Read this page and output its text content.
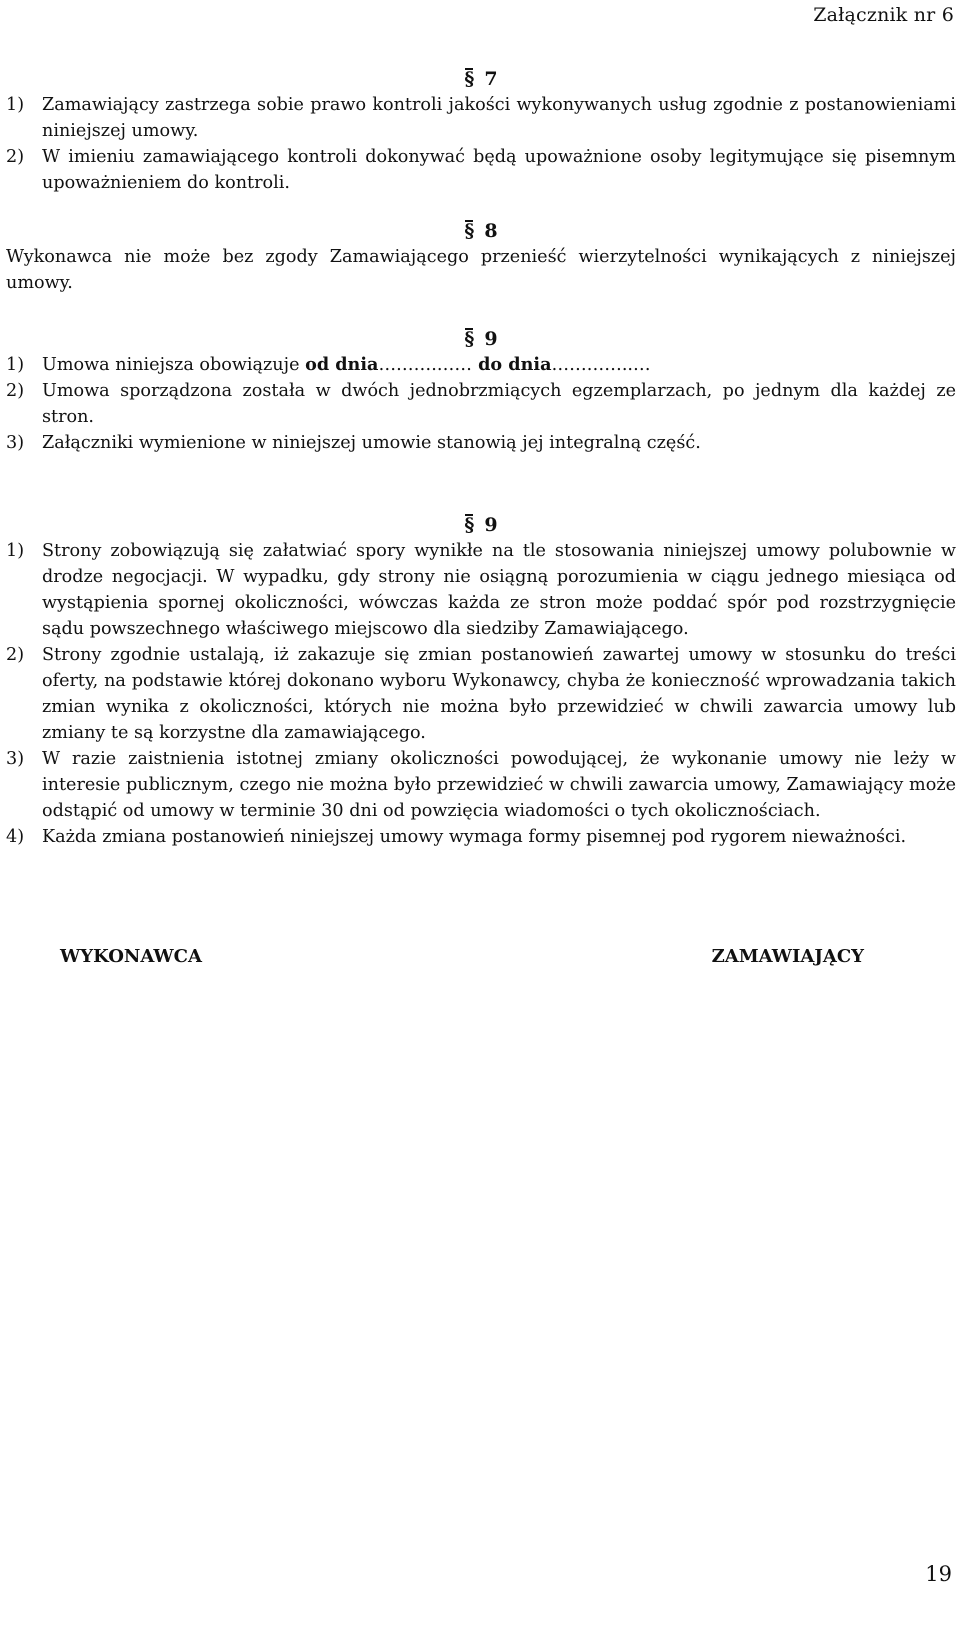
Załącznik nr 6
§ 7
1) Zamawiający zastrzega sobie prawo kontroli jakości wykonywanych usług zgodnie z postanowieniami niniejszej umowy.
2) W imieniu zamawiającego kontroli dokonywać będą upoważnione osoby legitymujące się pisemnym upoważnieniem do kontroli.
§ 8

Wykonawca nie może bez zgody Zamawiającego przenieść wierzytelności wynikających z niniejszej umowy.

§ 9
1) Umowa niniejsza obowiązuje od dnia……….…… do dnia…………..…
2) Umowa sporządzona została w dwóch jednobrzmiących egzemplarzach, po jednym dla każdej ze stron.
3) Załączniki wymienione w niniejszej umowie stanowią jej integralną część.
§ 9
1) Strony zobowiązują się załatwiać spory wynikłe na tle stosowania niniejszej umowy polubownie w drodze negocjacji. W wypadku, gdy strony nie osiągną porozumienia w ciągu jednego miesiąca od wystąpienia spornej okoliczności, wówczas każda ze stron może poddać spór pod rozstrzygnięcie sądu powszechnego właściwego miejscowo dla siedziby Zamawiającego.
2) Strony zgodnie ustalają, iż zakazuje się zmian postanowień zawartej umowy w stosunku do treści oferty, na podstawie której dokonano wyboru Wykonawcy, chyba że konieczność wprowadzania takich zmian wynika z okoliczności, których nie można było przewidzieć w chwili zawarcia umowy lub zmiany te są korzystne dla zamawiającego.
3) W razie zaistnienia istotnej zmiany okoliczności powodującej, że wykonanie umowy nie leży w interesie publicznym, czego nie można było przewidzieć w chwili zawarcia umowy, Zamawiający może odstąpić od umowy w terminie 30 dni od powzięcia wiadomości o tych okolicznościach.
4) Każda zmiana postanowień niniejszej umowy wymaga formy pisemnej pod rygorem nieważności.
WYKONAWCA	ZAMAWIAJĄCY
19
